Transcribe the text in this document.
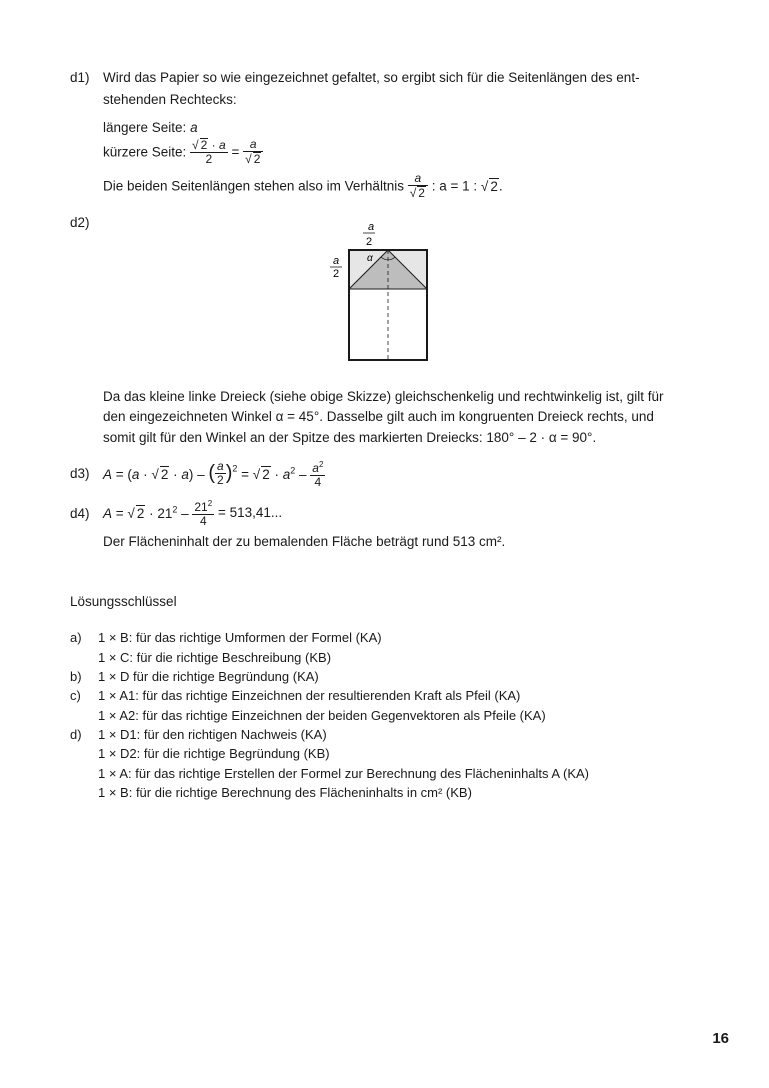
d1) Wird das Papier so wie eingezeichnet gefaltet, so ergibt sich für die Seitenlängen des ent-
stehenden Rechtecks:
längere Seite: a
kürzere Seite: $\frac{√ 2 \cdot a}{2} = \frac{a}{√ 2}$
Die beiden Seitenlängen stehen also im Verhältnis $\frac{a}{√ 2}$ : a = 1 : √ 2.
d2)	a
2
a
2
α
Da das kleine linke Dreieck (siehe obige Skizze) gleichschenkelig und rechtwinkelig ist, gilt für
den eingezeichneten Winkel α = 45°. Dasselbe gilt auch im kongruenten Dreieck rechts, und
somit gilt für den Winkel an der Spitze des markierten Dreiecks: 180° – 2 · α = 90°.
d3) A = (a · √ 2 · a) – ( $\frac{a}{2} )^2$ = √ $2 \cdot a^2 - \frac{a^2}{4}$
d4) A = √ $2 \cdot 21^2 - \frac{21^2}{4} = 513,41$...
Der Flächeninhalt der zu bemalenden Fläche beträgt rund 513 cm².
Lösungsschlüssel
a) 1 × B: für das richtige Umformen der Formel (KA)
1 × C: für die richtige Beschreibung (KB)
b) 1 × D für die richtige Begründung (KA)
c) 1 × A1: für das richtige Einzeichnen der resultierenden Kraft als Pfeil (KA)
1 × A2: für das richtige Einzeichnen der beiden Gegenvektoren als Pfeile (KA)
d) 1 × D1: für den richtigen Nachweis (KA)
1 × D2: für die richtige Begründung (KB)
1 × A: für das richtige Erstellen der Formel zur Berechnung des Flächeninhalts A (KA)
1 × B: für die richtige Berechnung des Flächeninhalts in cm² (KB)
16
